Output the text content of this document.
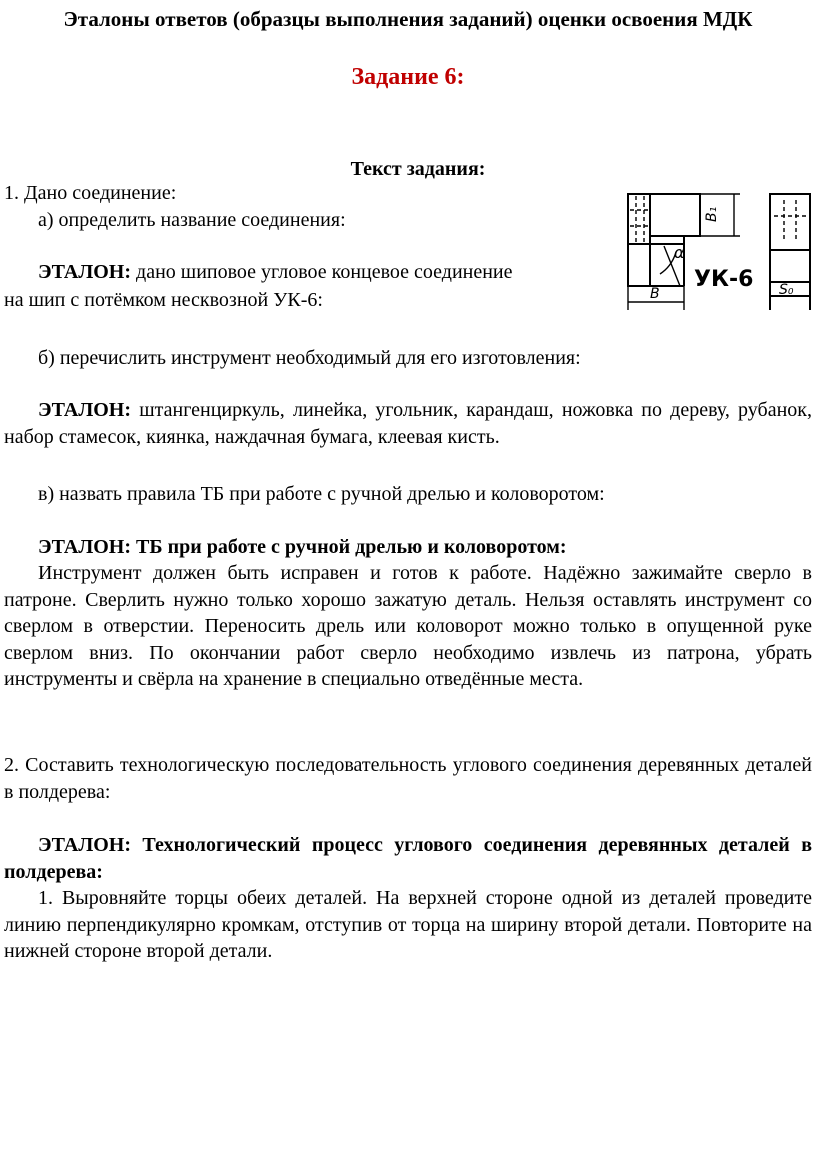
Эталоны ответов (образцы выполнения заданий) оценки освоения МДК
Задание 6:
Текст задания:
1. Дано соединение:
а) определить название соединения:
ЭТАЛОН: дано шиповое угловое концевое соединение
на шип с потёмком несквозной УК-6:
B₁
α
B	S₀
УК-6
б) перечислить инструмент необходимый для его изготовления:
ЭТАЛОН: штангенциркуль, линейка, угольник, карандаш, ножовка по дереву, рубанок, набор стамесок, киянка, наждачная бумага, клеевая кисть.
в) назвать правила ТБ при работе с ручной дрелью и коловоротом:
ЭТАЛОН: ТБ при работе с ручной дрелью и коловоротом:
Инструмент должен быть исправен и готов к работе. Надёжно зажимайте сверло в патроне. Сверлить нужно только хорошо зажатую деталь. Нельзя оставлять инструмент со сверлом в отверстии. Переносить дрель или коловорот можно только в опущенной руке сверлом вниз. По окончании работ сверло необходимо извлечь из патрона, убрать инструменты и свёрла на хранение в специально отведённые места.
2. Составить технологическую последовательность углового соединения деревянных деталей в полдерева:
ЭТАЛОН: Технологический процесс углового соединения деревянных деталей в полдерева:
1. Выровняйте торцы обеих деталей. На верхней стороне одной из деталей проведите линию перпендикулярно кромкам, отступив от торца на ширину второй детали. Повторите на нижней стороне второй детали.
